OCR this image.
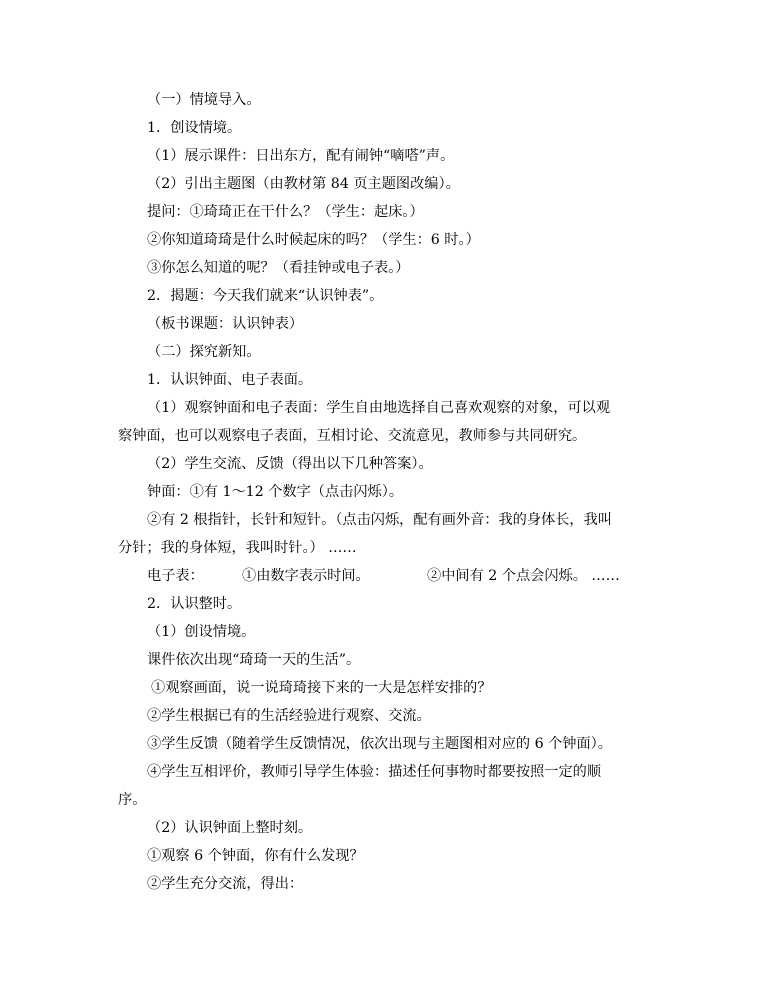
（一）情境导入。
1．创设情境。
（1）展示课件：日出东方，配有闹钟“嘀嗒”声。
（2）引出主题图（由教材第 84 页主题图改编）。
提问：①琦琦正在干什么？（学生：起床。）
②你知道琦琦是什么时候起床的吗？（学生：6 时。）
③你怎么知道的呢？（看挂钟或电子表。）
2．揭题：今天我们就来“认识钟表”。
（板书课题：认识钟表）
（二）探究新知。
1．认识钟面、电子表面。
（1）观察钟面和电子表面：学生自由地选择自己喜欢观察的对象，可以观
察钟面，也可以观察电子表面，互相讨论、交流意见，教师参与共同研究。
（2）学生交流、反馈（得出以下几种答案）。
钟面：①有 1～12 个数字（点击闪烁）。
②有 2 根指针，长针和短针。（点击闪烁，配有画外音：我的身体长，我叫
分针；我的身体短，我叫时针。） ……
电子表：	①由数字表示时间。	②中间有 2 个点会闪烁。 ……
2．认识整时。
（1）创设情境。
课件依次出现“琦琦一天的生活”。
①观察画面，说一说琦琦接下来的一大是怎样安排的？
②学生根据已有的生活经验进行观察、交流。
③学生反馈（随着学生反馈情况，依次出现与主题图相对应的 6 个钟面）。
④学生互相评价，教师引导学生体验：描述任何事物时都要按照一定的顺
序。
（2）认识钟面上整时刻。
①观察 6 个钟面，你有什么发现？
②学生充分交流，得出：
